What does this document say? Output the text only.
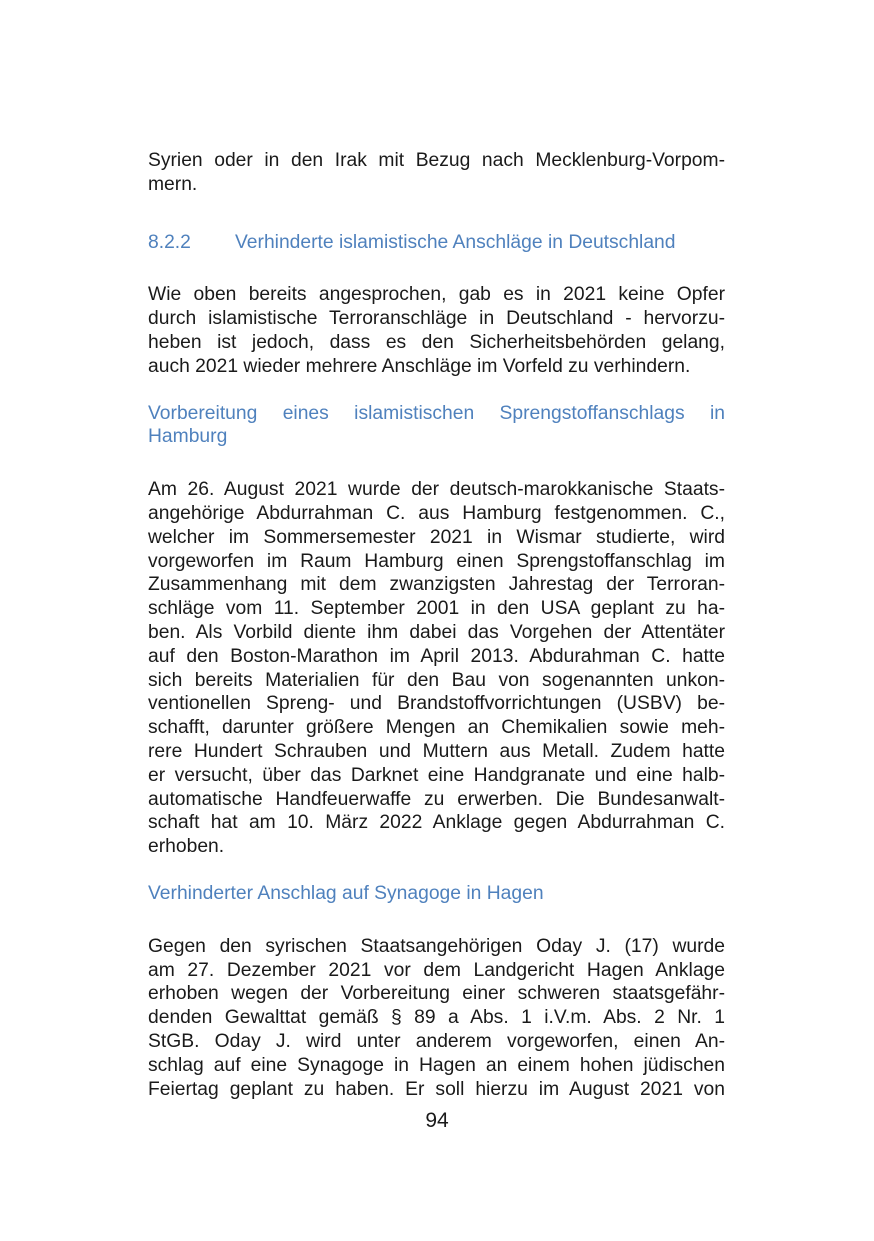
Syrien oder in den Irak mit Bezug nach Mecklenburg-Vorpom-
mern.

8.2.2	Verhinderte islamistische Anschläge in Deutschland

Wie oben bereits angesprochen, gab es in 2021 keine Opfer
durch islamistische Terroranschläge in Deutschland - hervorzu-
heben ist jedoch, dass es den Sicherheitsbehörden gelang,
auch 2021 wieder mehrere Anschläge im Vorfeld zu verhindern.

Vorbereitung eines islamistischen Sprengstoffanschlags in
Hamburg

Am 26. August 2021 wurde der deutsch-marokkanische Staats-
angehörige Abdurrahman C. aus Hamburg festgenommen. C.,
welcher im Sommersemester 2021 in Wismar studierte, wird
vorgeworfen im Raum Hamburg einen Sprengstoffanschlag im
Zusammenhang mit dem zwanzigsten Jahrestag der Terroran-
schläge vom 11. September 2001 in den USA geplant zu ha-
ben. Als Vorbild diente ihm dabei das Vorgehen der Attentäter
auf den Boston-Marathon im April 2013. Abdurahman C. hatte
sich bereits Materialien für den Bau von sogenannten unkon-
ventionellen Spreng- und Brandstoffvorrichtungen (USBV) be-
schafft, darunter größere Mengen an Chemikalien sowie meh-
rere Hundert Schrauben und Muttern aus Metall. Zudem hatte
er versucht, über das Darknet eine Handgranate und eine halb-
automatische Handfeuerwaffe zu erwerben. Die Bundesanwalt-
schaft hat am 10. März 2022 Anklage gegen Abdurrahman C.
erhoben.

Verhinderter Anschlag auf Synagoge in Hagen

Gegen den syrischen Staatsangehörigen Oday J. (17) wurde
am 27. Dezember 2021 vor dem Landgericht Hagen Anklage
erhoben wegen der Vorbereitung einer schweren staatsgefähr-
denden Gewalttat gemäß § 89 a Abs. 1 i.V.m. Abs. 2 Nr. 1
StGB. Oday J. wird unter anderem vorgeworfen, einen An-
schlag auf eine Synagoge in Hagen an einem hohen jüdischen
Feiertag geplant zu haben. Er soll hierzu im August 2021 von

94
